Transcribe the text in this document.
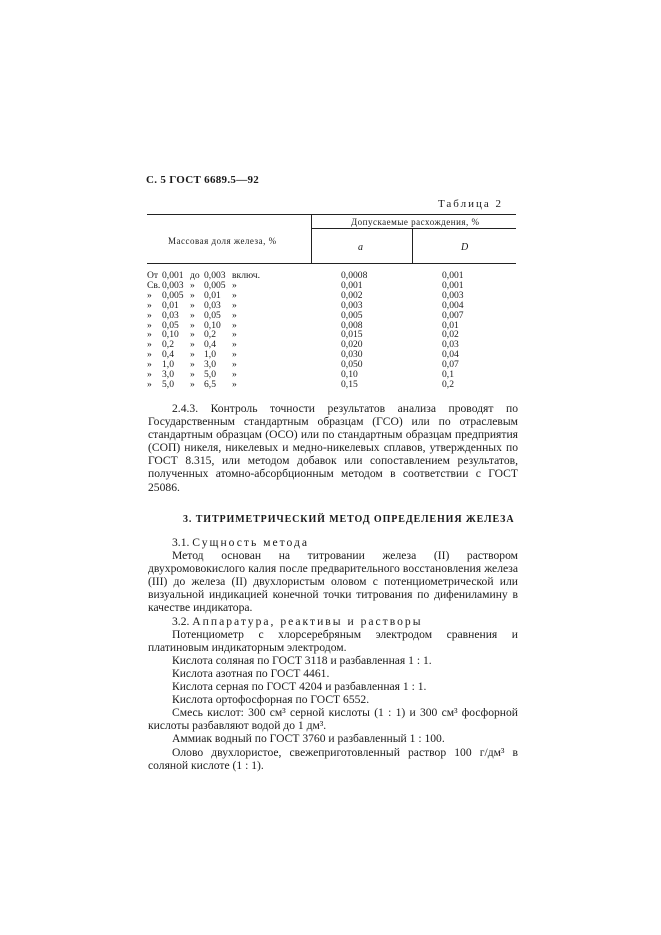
С. 5 ГОСТ 6689.5—92
Таблица 2
Массовая доля железа, %
Допускаемые расхождения, %
a	D
От 0,001 до 0,003 включ.	0,0008	0,001
Св. 0,003 » 0,005 »	0,001	0,001
» 0,005 » 0,01 »	0,002	0,003
» 0,01 » 0,03 »	0,003	0,004
» 0,03 » 0,05 »	0,005	0,007
» 0,05 » 0,10 »	0,008	0,01
» 0,10 » 0,2 »	0,015	0,02
» 0,2 » 0,4 »	0,020	0,03
» 0,4 » 1,0 »	0,030	0,04
» 1,0 » 3,0 »	0,050	0,07
» 3,0 » 5,0 »	0,10	0,1
» 5,0 » 6,5 »	0,15	0,2

2.4.3. Контроль точности результатов анализа проводят по Государственным стандартным образцам (ГСО) или по отраслевым стандартным образцам (ОСО) или по стандартным образцам предприятия (СОП) никеля, никелевых и медно-никелевых сплавов, утвержденных по ГОСТ 8.315, или методом добавок или сопоставлением результатов, полученных атомно-абсорбционным методом в соответствии с ГОСТ 25086.

3. ТИТРИМЕТРИЧЕСКИЙ МЕТОД ОПРЕДЕЛЕНИЯ ЖЕЛЕЗА

3.1. Сущность метода

Метод основан на титровании железа (II) раствором двухромовокислого калия после предварительного восстановления железа (III) до железа (II) двухлористым оловом с потенциометрической или визуальной индикацией конечной точки титрования по дифениламину в качестве индикатора.

3.2. Аппаратура, реактивы и растворы

Потенциометр с хлорсеребряным электродом сравнения и платиновым индикаторным электродом.

Кислота соляная по ГОСТ 3118 и разбавленная 1 : 1.

Кислота азотная по ГОСТ 4461.

Кислота серная по ГОСТ 4204 и разбавленная 1 : 1.

Кислота ортофосфорная по ГОСТ 6552.

Смесь кислот: 300 см³ серной кислоты (1 : 1) и 300 см³ фосфорной кислоты разбавляют водой до 1 дм³.

Аммиак водный по ГОСТ 3760 и разбавленный 1 : 100.

Олово двухлористое, свежеприготовленный раствор 100 г/дм³ в соляной кислоте (1 : 1).
